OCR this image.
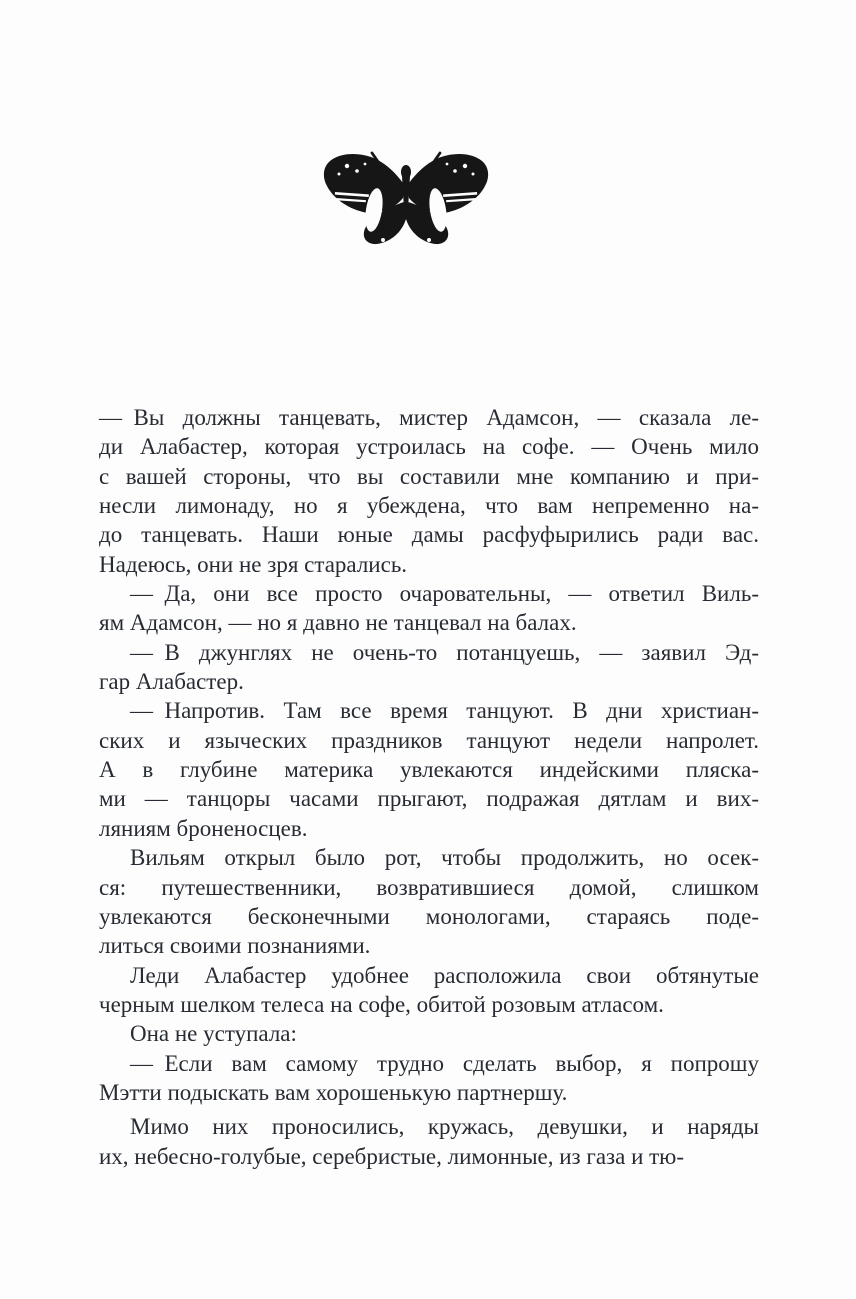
— Вы должны танцевать, мистер Адамсон, — сказала ле-
ди Алабастер, которая устроилась на софе. — Очень мило
с вашей стороны, что вы составили мне компанию и при-
несли лимонаду, но я убеждена, что вам непременно на-
до танцевать. Наши юные дамы расфуфырились ради вас.
Надеюсь, они не зря старались.
— Да, они все просто очаровательны, — ответил Виль-
ям Адамсон, — но я давно не танцевал на балах.
— В джунглях не очень-то потанцуешь, — заявил Эд-
гар Алабастер.
— Напротив. Там все время танцуют. В дни христиан-
ских и языческих праздников танцуют недели напролет.
А в глубине материка увлекаются индейскими пляска-
ми — танцоры часами прыгают, подражая дятлам и вих-
ляниям броненосцев.
Вильям открыл было рот, чтобы продолжить, но осек-
ся: путешественники, возвратившиеся домой, слишком
увлекаются бесконечными монологами, стараясь поде-
литься своими познаниями.
Леди Алабастер удобнее расположила свои обтянутые
черным шелком телеса на софе, обитой розовым атласом.
Она не уступала:
— Если вам самому трудно сделать выбор, я попрошу
Мэтти подыскать вам хорошенькую партнершу.
Мимо них проносились, кружась, девушки, и наряды
их, небесно-голубые, серебристые, лимонные, из газа и тю-
